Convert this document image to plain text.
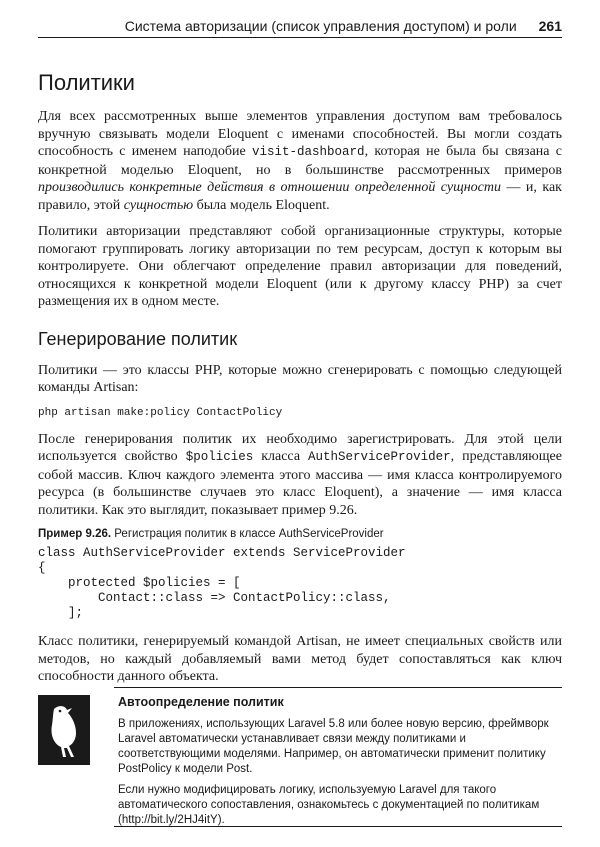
Система авторизации (список управления доступом) и роли 261
Политики

Для всех рассмотренных выше элементов управления доступом вам требовалось вручную связывать модели Eloquent с именами способностей. Вы могли создать способность с именем наподобие visit-dashboard, которая не была бы связана с конкретной моделью Eloquent, но в большинстве рассмотренных примеров производились конкретные действия в отношении определенной сущности — и, как правило, этой сущностью была модель Eloquent.

Политики авторизации представляют собой организационные структуры, которые помогают группировать логику авторизации по тем ресурсам, доступ к которым вы контролируете. Они облегчают определение правил авторизации для поведений, относящихся к конкретной модели Eloquent (или к другому классу PHP) за счет размещения их в одном месте.

Генерирование политик

Политики — это классы PHP, которые можно сгенерировать с помощью следующей команды Artisan:

php artisan make:policy ContactPolicy

После генерирования политик их необходимо зарегистрировать. Для этой цели используется свойство $policies класса AuthServiceProvider, представляющее собой массив. Ключ каждого элемента этого массива — имя класса контролируемого ресурса (в большинстве случаев это класс Eloquent), а значение — имя класса политики. Как это выглядит, показывает пример 9.26.

Пример 9.26. Регистрация политик в классе AuthServiceProvider
class AuthServiceProvider extends ServiceProvider
{
protected $policies = [
Contact::class => ContactPolicy::class,
];

Класс политики, генерируемый командой Artisan, не имеет специальных свойств или методов, но каждый добавляемый вами метод будет сопоставляться как ключ способности данного объекта.

Автоопределение политик

В приложениях, использующих Laravel 5.8 или более новую версию, фреймворк Laravel автоматически устанавливает связи между политиками и соответствующими моделями. Например, он автоматически применит политику PostPolicy к модели Post.

Если нужно модифицировать логику, используемую Laravel для такого автоматического сопоставления, ознакомьтесь с документацией по политикам (http://bit.ly/2HJ4itY).
